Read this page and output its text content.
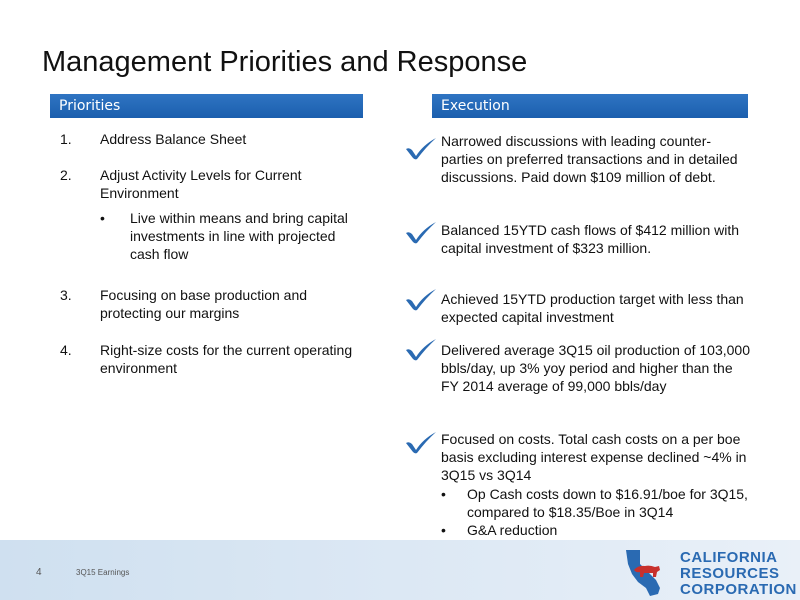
Management Priorities and Response
Priorities	Execution
1. Address Balance Sheet
2. Adjust Activity Levels for Current Environment
• Live within means and bring capital investments in line with projected cash flow
3. Focusing on base production and protecting our margins
4. Right-size costs for the current operating environment
Narrowed discussions with leading counter-parties on preferred transactions and in detailed discussions. Paid down $109 million of debt.
Balanced 15YTD cash flows of $412 million with capital investment of $323 million.
Achieved 15YTD production target with less than expected capital investment
Delivered average 3Q15 oil production of 103,000 bbls/day, up 3% yoy period and higher than the FY 2014 average of 99,000 bbls/day
Focused on costs. Total cash costs on a per boe basis excluding interest expense declined ~4% in 3Q15 vs 3Q14
• Op Cash costs down to $16.91/boe for 3Q15, compared to $18.35/Boe in 3Q14
• G&A reduction
4	3Q15 Earnings
CALIFORNIA
RESOURCES
CORPORATION
